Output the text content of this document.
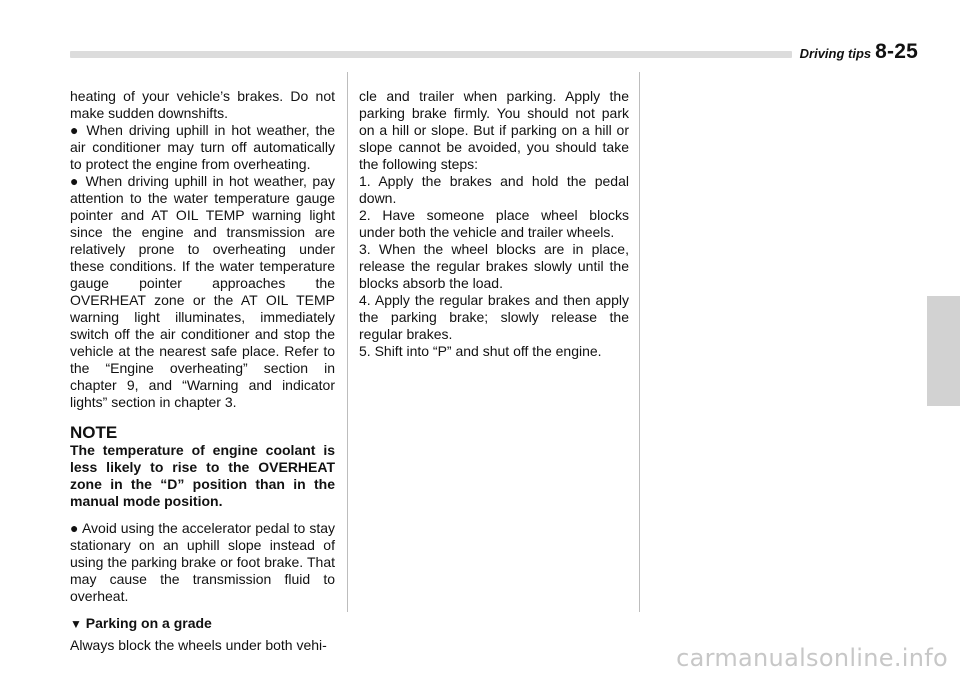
Driving tips 8-25

heating of your vehicle’s brakes. Do not make sudden downshifts.

● When driving uphill in hot weather, the air conditioner may turn off automatically to protect the engine from overheating.

● When driving uphill in hot weather, pay attention to the water temperature gauge pointer and AT OIL TEMP warning light since the engine and transmission are relatively prone to overheating under these conditions. If the water temperature gauge pointer approaches the OVERHEAT zone or the AT OIL TEMP warning light illuminates, immediately switch off the air conditioner and stop the vehicle at the nearest safe place. Refer to the “Engine overheating” section in chapter 9, and “Warning and indicator lights” section in chapter 3.

NOTE

The temperature of engine coolant is less likely to rise to the OVERHEAT zone in the “D” position than in the manual mode position.

● Avoid using the accelerator pedal to stay stationary on an uphill slope instead of using the parking brake or foot brake. That may cause the transmission fluid to overheat.

▼ Parking on a grade

Always block the wheels under both vehi-

cle and trailer when parking. Apply the parking brake firmly. You should not park on a hill or slope. But if parking on a hill or slope cannot be avoided, you should take the following steps:

1. Apply the brakes and hold the pedal down.

2. Have someone place wheel blocks under both the vehicle and trailer wheels.

3. When the wheel blocks are in place, release the regular brakes slowly until the blocks absorb the load.

4. Apply the regular brakes and then apply the parking brake; slowly release the regular brakes.

5. Shift into “P” and shut off the engine.

carmanualsonline.info
